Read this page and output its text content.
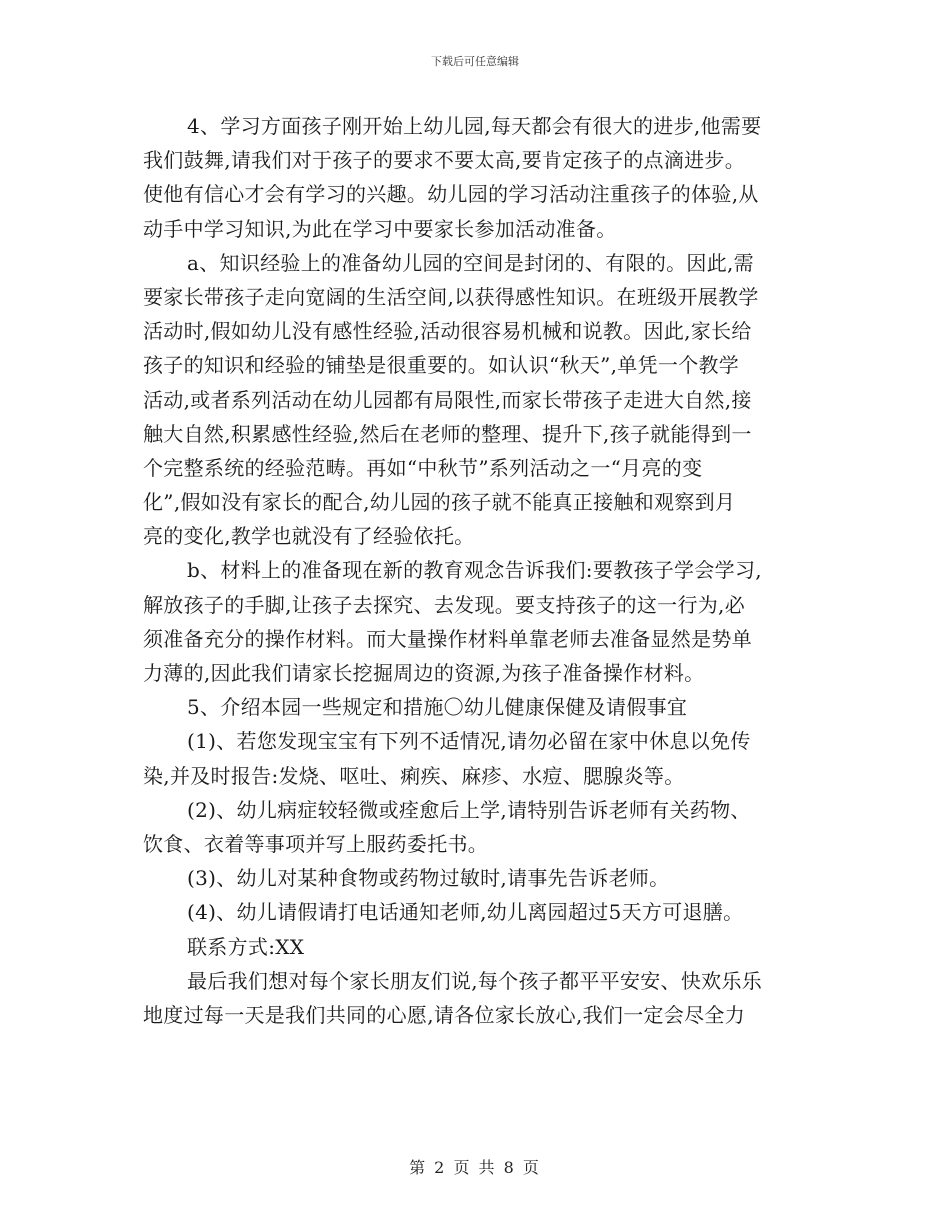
下载后可任意编辑
4、学习方面孩子刚开始上幼儿园,每天都会有很大的进步,他需要
我们鼓舞,请我们对于孩子的要求不要太高,要肯定孩子的点滴进步。
使他有信心才会有学习的兴趣。幼儿园的学习活动注重孩子的体验,从
动手中学习知识,为此在学习中要家长参加活动准备。
a、知识经验上的准备幼儿园的空间是封闭的、有限的。因此,需
要家长带孩子走向宽阔的生活空间,以获得感性知识。在班级开展教学
活动时,假如幼儿没有感性经验,活动很容易机械和说教。因此,家长给
孩子的知识和经验的铺垫是很重要的。如认识“秋天”,单凭一个教学
活动,或者系列活动在幼儿园都有局限性,而家长带孩子走进大自然,接
触大自然,积累感性经验,然后在老师的整理、提升下,孩子就能得到一
个完整系统的经验范畴。再如“中秋节”系列活动之一“月亮的变
化”,假如没有家长的配合,幼儿园的孩子就不能真正接触和观察到月
亮的变化,教学也就没有了经验依托。
b、材料上的准备现在新的教育观念告诉我们:要教孩子学会学习,
解放孩子的手脚,让孩子去探究、去发现。要支持孩子的这一行为,必
须准备充分的操作材料。而大量操作材料单靠老师去准备显然是势单
力薄的,因此我们请家长挖掘周边的资源,为孩子准备操作材料。
5、介绍本园一些规定和措施〇幼儿健康保健及请假事宜
(1)、若您发现宝宝有下列不适情况,请勿必留在家中休息以免传
染,并及时报告:发烧、呕吐、痢疾、麻疹、水痘、腮腺炎等。
(2)、幼儿病症较轻微或痊愈后上学,请特别告诉老师有关药物、
饮食、衣着等事项并写上服药委托书。
(3)、幼儿对某种食物或药物过敏时,请事先告诉老师。
(4)、幼儿请假请打电话通知老师,幼儿离园超过5天方可退膳。
联系方式:XX
最后我们想对每个家长朋友们说,每个孩子都平平安安、快欢乐乐
地度过每一天是我们共同的心愿,请各位家长放心,我们一定会尽全力
第 2 页 共 8 页
